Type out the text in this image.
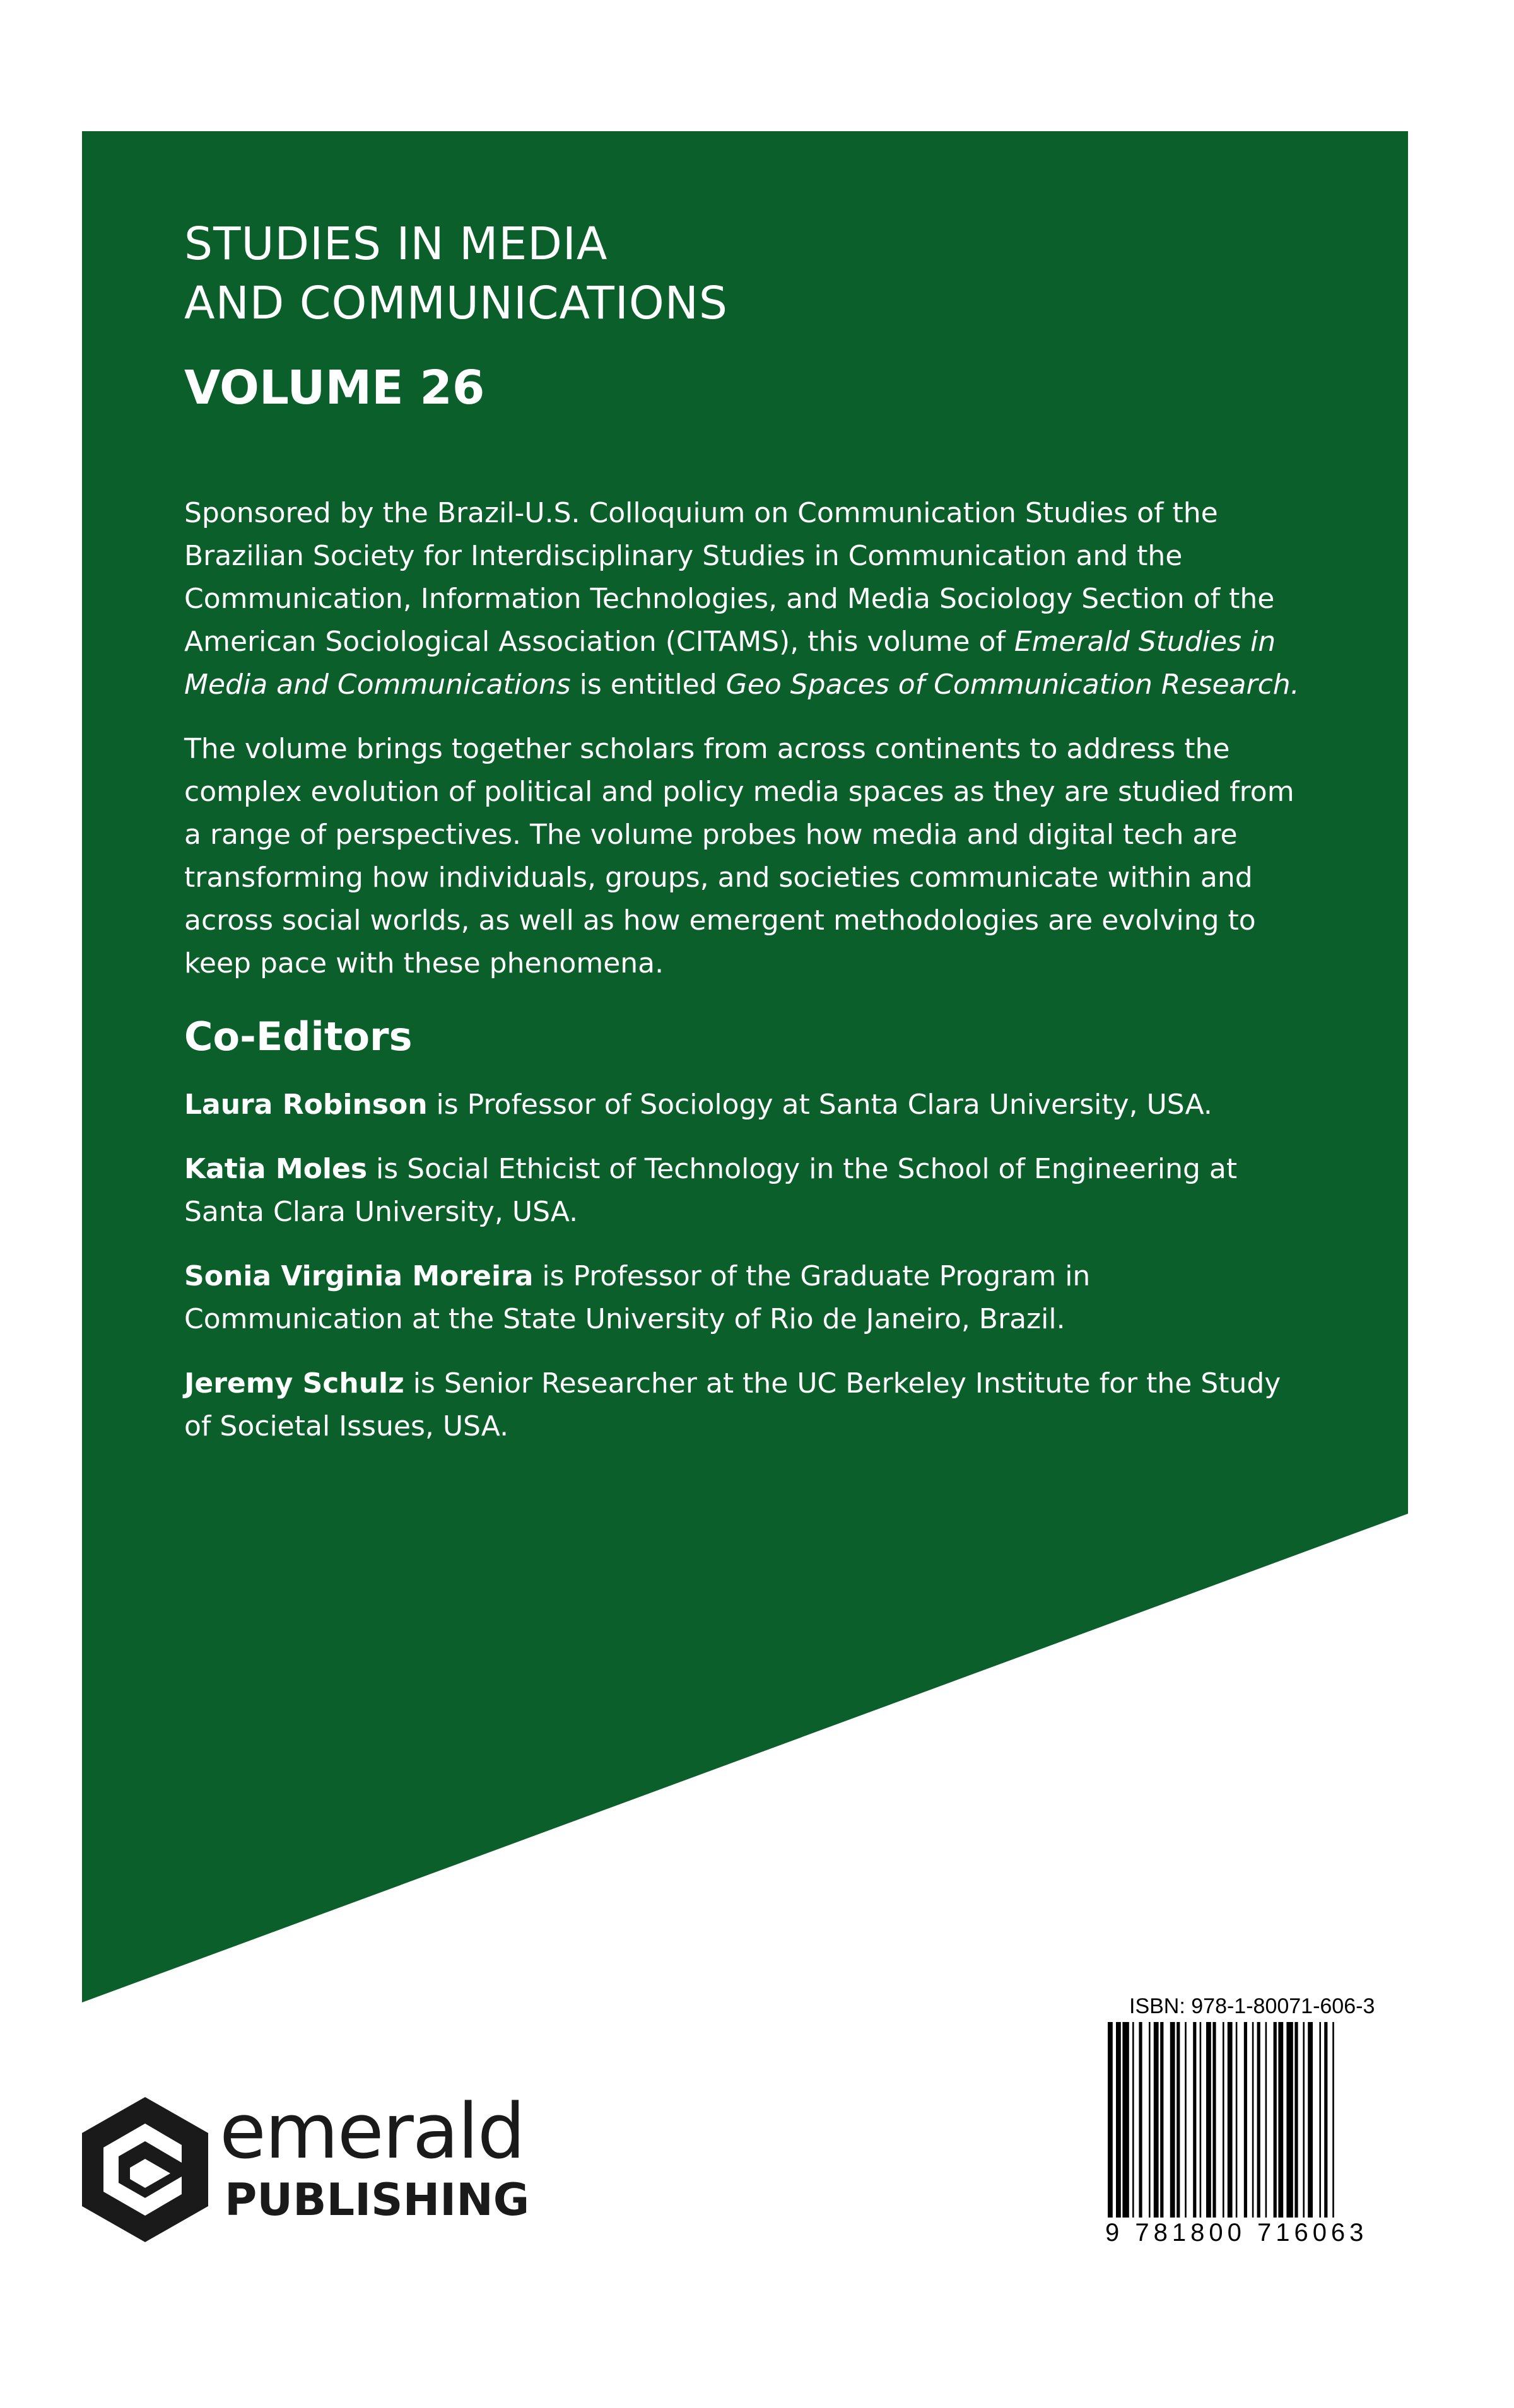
STUDIES IN MEDIA
AND COMMUNICATIONS

VOLUME 26

Sponsored by the Brazil-U.S. Colloquium on Communication Studies of the Brazilian Society for Interdisciplinary Studies in Communication and the Communication, Information Technologies, and Media Sociology Section of the American Sociological Association (CITAMS), this volume of Emerald Studies in Media and Communications is entitled Geo Spaces of Communication Research.

The volume brings together scholars from across continents to address the complex evolution of political and policy media spaces as they are studied from a range of perspectives. The volume probes how media and digital tech are transforming how individuals, groups, and societies communicate within and across social worlds, as well as how emergent methodologies are evolving to keep pace with these phenomena.

Co-Editors

Laura Robinson is Professor of Sociology at Santa Clara University, USA.

Katia Moles is Social Ethicist of Technology in the School of Engineering at Santa Clara University, USA.

Sonia Virginia Moreira is Professor of the Graduate Program in Communication at the State University of Rio de Janeiro, Brazil.

Jeremy Schulz is Senior Researcher at the UC Berkeley Institute for the Study of Societal Issues, USA.

emerald
PUBLISHING
ISBN: 978-1-80071-606-3
9 781800 716063
